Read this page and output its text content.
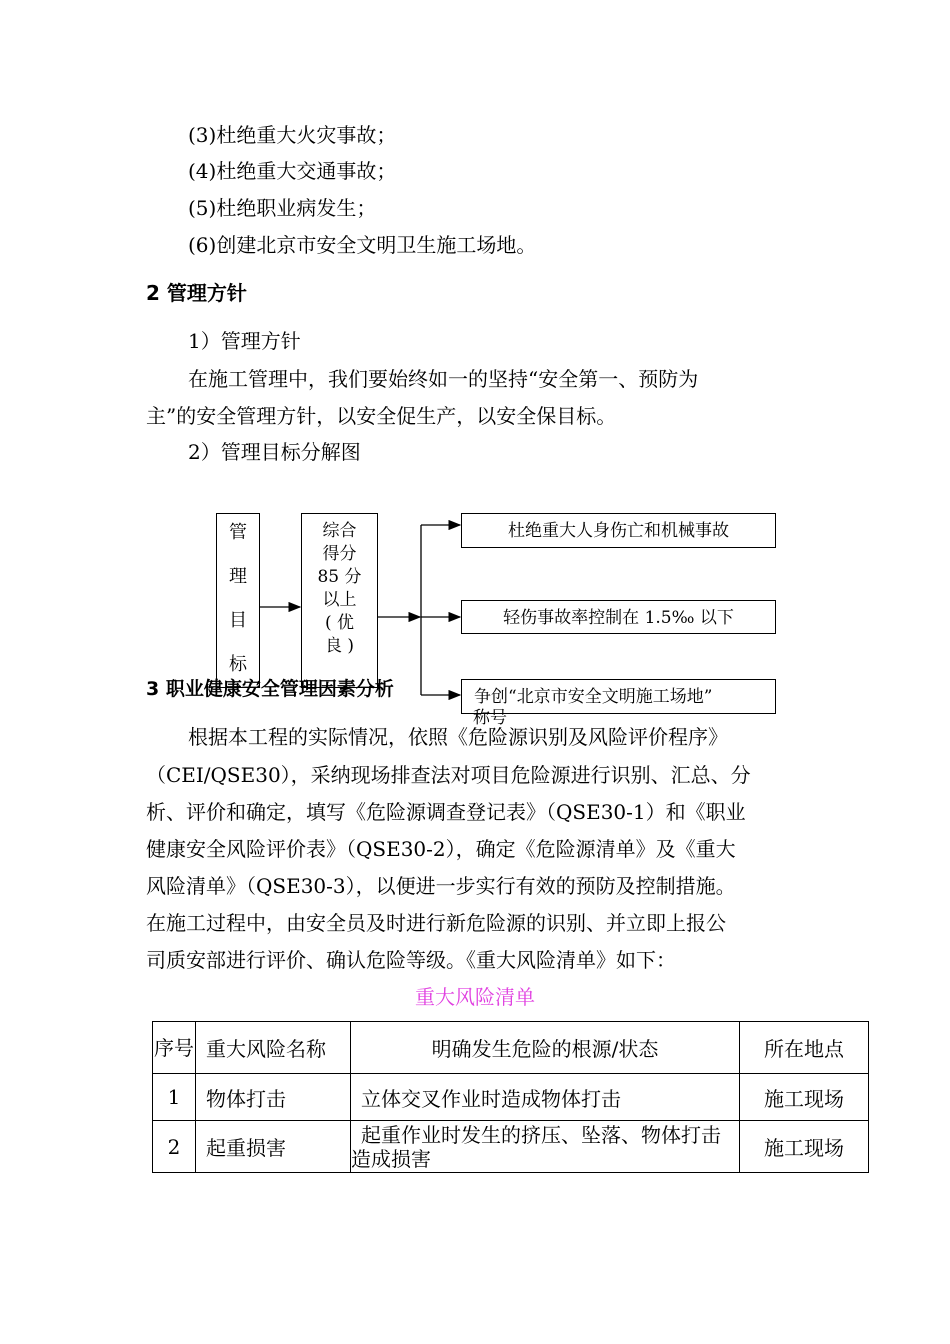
(3)杜绝重大火灾事故；
(4)杜绝重大交通事故；
(5)杜绝职业病发生；
(6)创建北京市安全文明卫生施工场地。
2 管理方针
1）管理方针
在施工管理中，我们要始终如一的坚持“安全第一、预防为
主”的安全管理方针，以安全促生产，以安全保目标。
2）管理目标分解图
管
理
目
标
综合
得分
85 分
以上
( 优
良 )
杜绝重大人身伤亡和机械事故
轻伤事故率控制在 1.5‰ 以下
争创“北京市安全文明施工场地”
称号
3 职业健康安全管理因素分析
根据本工程的实际情况，依照《危险源识别及风险评价程序》
（CEI/QSE30），采纳现场排查法对项目危险源进行识别、汇总、分
析、评价和确定，填写《危险源调查登记表》（QSE30-1）和《职业
健康安全风险评价表》（QSE30-2），确定《危险源清单》及《重大
风险清单》（QSE30-3），以便进一步实行有效的预防及控制措施。
在施工过程中，由安全员及时进行新危险源的识别、并立即上报公
司质安部进行评价、确认危险等级。《重大风险清单》如下：
重大风险清单
序号	重大风险名称	明确发生危险的根源/状态	所在地点
1	物体打击	立体交叉作业时造成物体打击	施工现场
2	起重损害	起重作业时发生的挤压、坠落、物体打击造成损害	施工现场
